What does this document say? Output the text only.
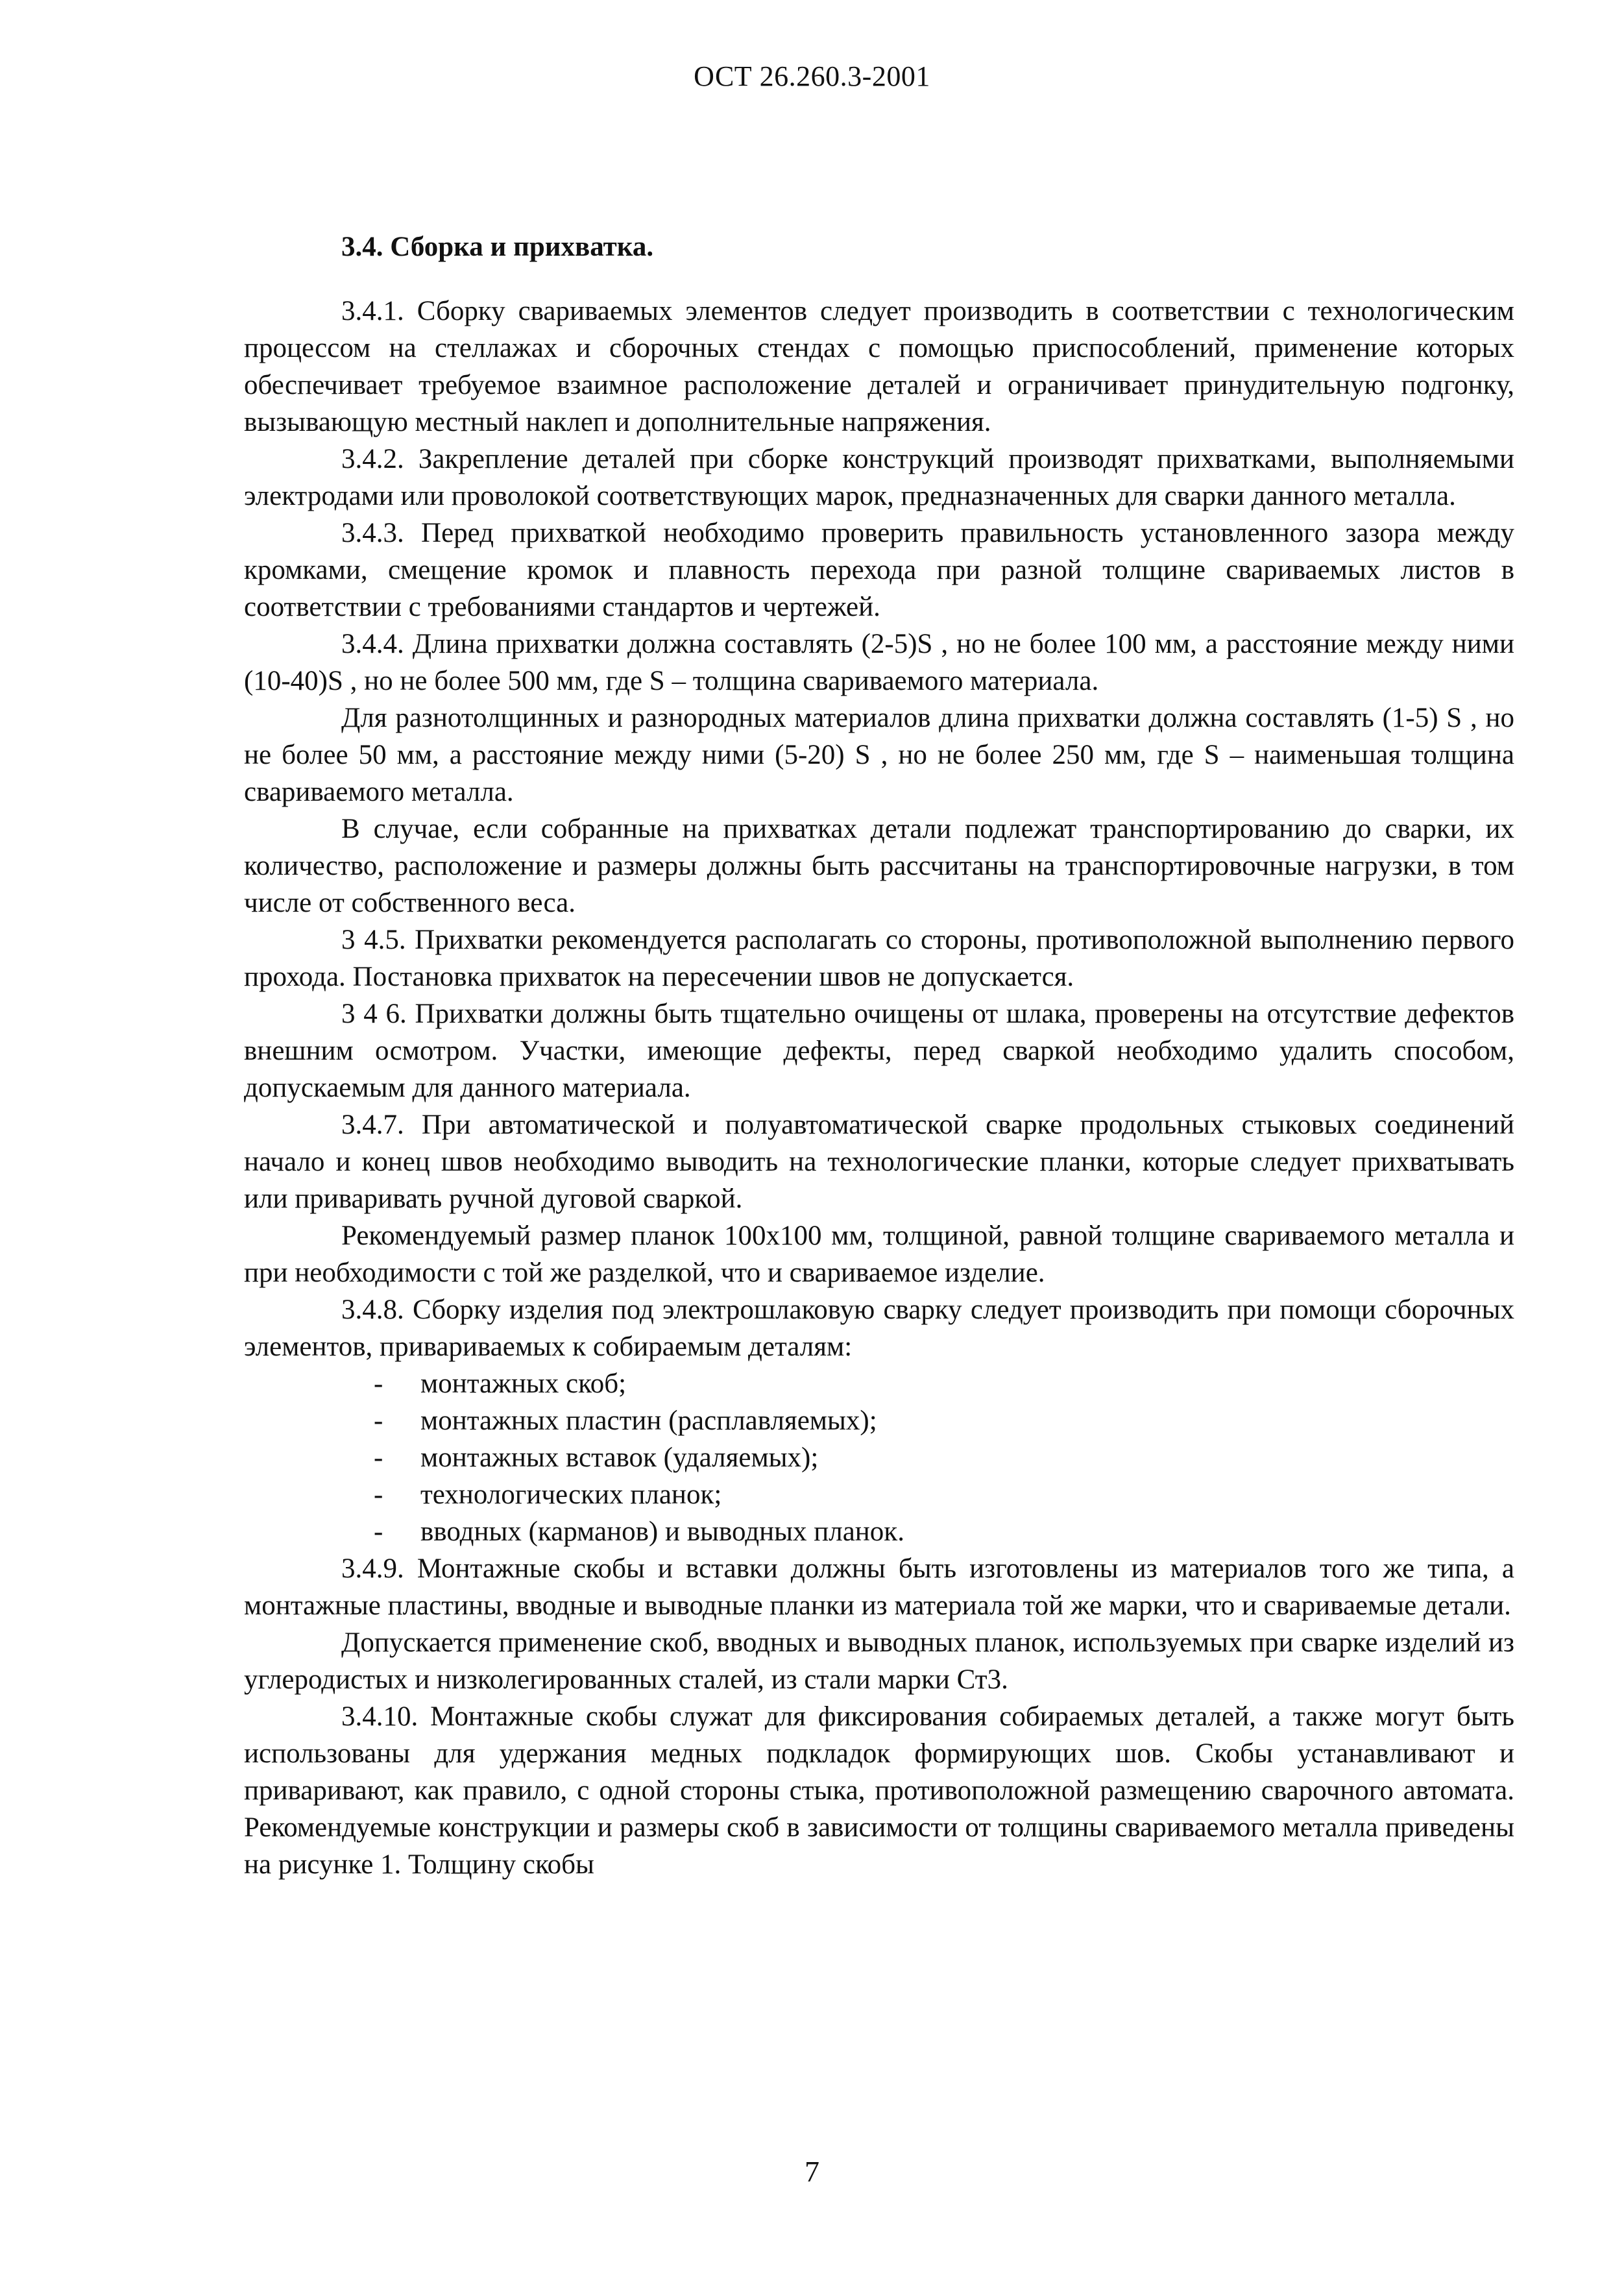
ОСТ 26.260.3-2001
3.4. Сборка и прихватка.

3.4.1. Сборку свариваемых элементов следует производить в соответствии с технологическим процессом на стеллажах и сборочных стендах с помощью приспособлений, применение которых обеспечивает требуемое взаимное расположение деталей и ограничивает принудительную подгонку, вызывающую местный наклеп и дополнительные напряжения.

3.4.2. Закрепление деталей при сборке конструкций производят прихватками, выполняемыми электродами или проволокой соответствующих марок, предназначенных для сварки данного металла.

3.4.3. Перед прихваткой необходимо проверить правильность установленного зазора между кромками, смещение кромок и плавность перехода при разной толщине свариваемых листов в соответствии с требованиями стандартов и чертежей.

3.4.4. Длина прихватки должна составлять (2-5)S , но не более 100 мм, а расстояние между ними (10-40)S , но не более 500 мм, где S – толщина свариваемого материала.

Для разнотолщинных и разнородных материалов длина прихватки должна составлять (1-5) S , но не более 50 мм, а расстояние между ними (5-20) S , но не более 250 мм, где S – наименьшая толщина свариваемого металла.

В случае, если собранные на прихватках детали подлежат транспортированию до сварки, их количество, расположение и размеры должны быть рассчитаны на транспортировочные нагрузки, в том числе от собственного веса.

3 4.5. Прихватки рекомендуется располагать со стороны, противоположной выполнению первого прохода. Постановка прихваток на пересечении швов не допускается.

3 4 6. Прихватки должны быть тщательно очищены от шлака, проверены на отсутствие дефектов внешним осмотром. Участки, имеющие дефекты, перед сваркой необходимо удалить способом, допускаемым для данного материала.

3.4.7. При автоматической и полуавтоматической сварке продольных стыковых соединений начало и конец швов необходимо выводить на технологические планки, которые следует прихватывать или приваривать ручной дуговой сваркой.

Рекомендуемый размер планок 100х100 мм, толщиной, равной толщине свариваемого металла и при необходимости с той же разделкой, что и свариваемое изделие.

3.4.8. Сборку изделия под электрошлаковую сварку следует производить при помощи сборочных элементов, привариваемых к собираемым деталям:

- монтажных скоб;
- монтажных пластин (расплавляемых);
- монтажных вставок (удаляемых);
- технологических планок;
- вводных (карманов) и выводных планок.

3.4.9. Монтажные скобы и вставки должны быть изготовлены из материалов того же типа, а монтажные пластины, вводные и выводные планки из материала той же марки, что и свариваемые детали.

Допускается применение скоб, вводных и выводных планок, используемых при сварке изделий из углеродистых и низколегированных сталей, из стали марки Ст3.

3.4.10. Монтажные скобы служат для фиксирования собираемых деталей, а также могут быть использованы для удержания медных подкладок формирующих шов. Скобы устанавливают и приваривают, как правило, с одной стороны стыка, противоположной размещению сварочного автомата. Рекомендуемые конструкции и размеры скоб в зависимости от толщины свариваемого металла приведены на рисунке 1. Толщину скобы

7
